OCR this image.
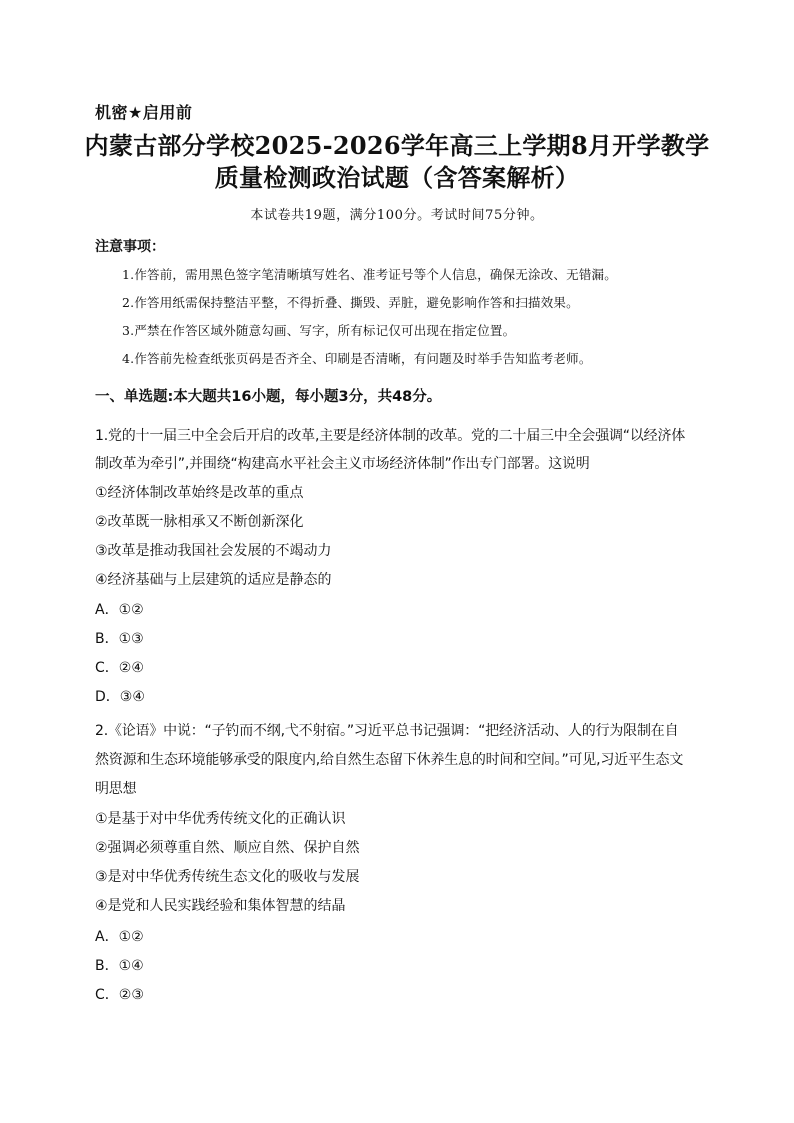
机密★启用前
内蒙古部分学校2025-2026学年高三上学期8月开学教学
质量检测政治试题（含答案解析）
本试卷共19题，满分100分。考试时间75分钟。
注意事项：
1.作答前，需用黑色签字笔清晰填写姓名、准考证号等个人信息，确保无涂改、无错漏。
2.作答用纸需保持整洁平整，不得折叠、撕毁、弄脏，避免影响作答和扫描效果。
3.严禁在作答区域外随意勾画、写字，所有标记仅可出现在指定位置。
4.作答前先检查纸张页码是否齐全、印刷是否清晰，有问题及时举手告知监考老师。
一、单选题:本大题共16小题，每小题3分，共48分。
1.党的十一届三中全会后开启的改革,主要是经济体制的改革。党的二十届三中全会强调“以经济体
制改革为牵引”,并围绕“构建高水平社会主义市场经济体制”作出专门部署。这说明
①经济体制改革始终是改革的重点
②改革既一脉相承又不断创新深化
③改革是推动我国社会发展的不竭动力
④经济基础与上层建筑的适应是静态的
A．①②
B．①③
C．②④
D．③④
2.《论语》中说：“子钓而不纲,弋不射宿。”习近平总书记强调：“把经济活动、人的行为限制在自
然资源和生态环境能够承受的限度内,给自然生态留下休养生息的时间和空间。”可见,习近平生态文
明思想
①是基于对中华优秀传统文化的正确认识
②强调必须尊重自然、顺应自然、保护自然
③是对中华优秀传统生态文化的吸收与发展
④是党和人民实践经验和集体智慧的结晶
A．①②
B．①④
C．②③
